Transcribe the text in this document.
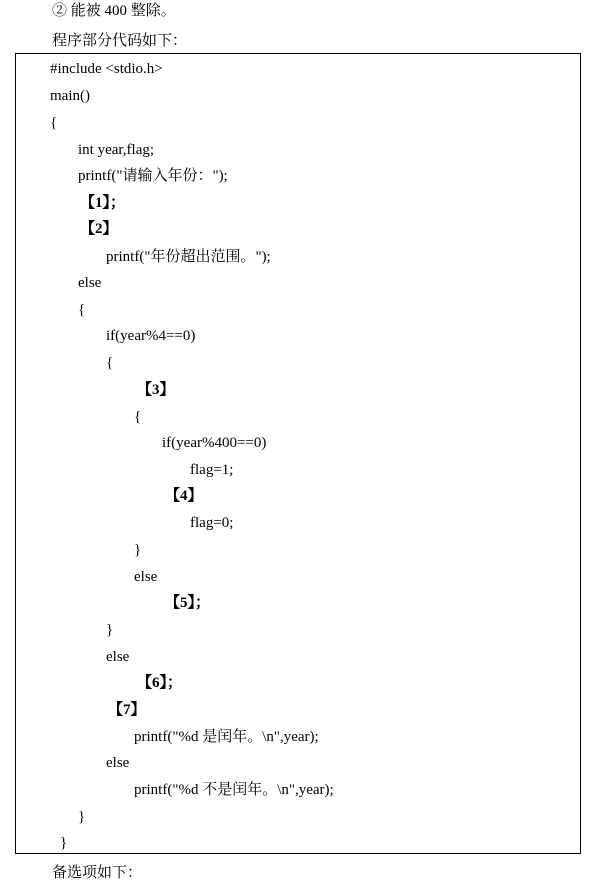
② 能被 400 整除。
程序部分代码如下：
#include <stdio.h>
main()
{
int year,flag;
printf("请输入年份：");
【1】；
【2】
printf("年份超出范围。");
else
{
if(year%4==0)
{
【3】
{
if(year%400==0)
flag=1;
【4】
flag=0;
}
else
【5】；
}
else
【6】；
【7】
printf("%d 是闰年。\n",year);
else
printf("%d 不是闰年。\n",year);
}
}
备选项如下：
